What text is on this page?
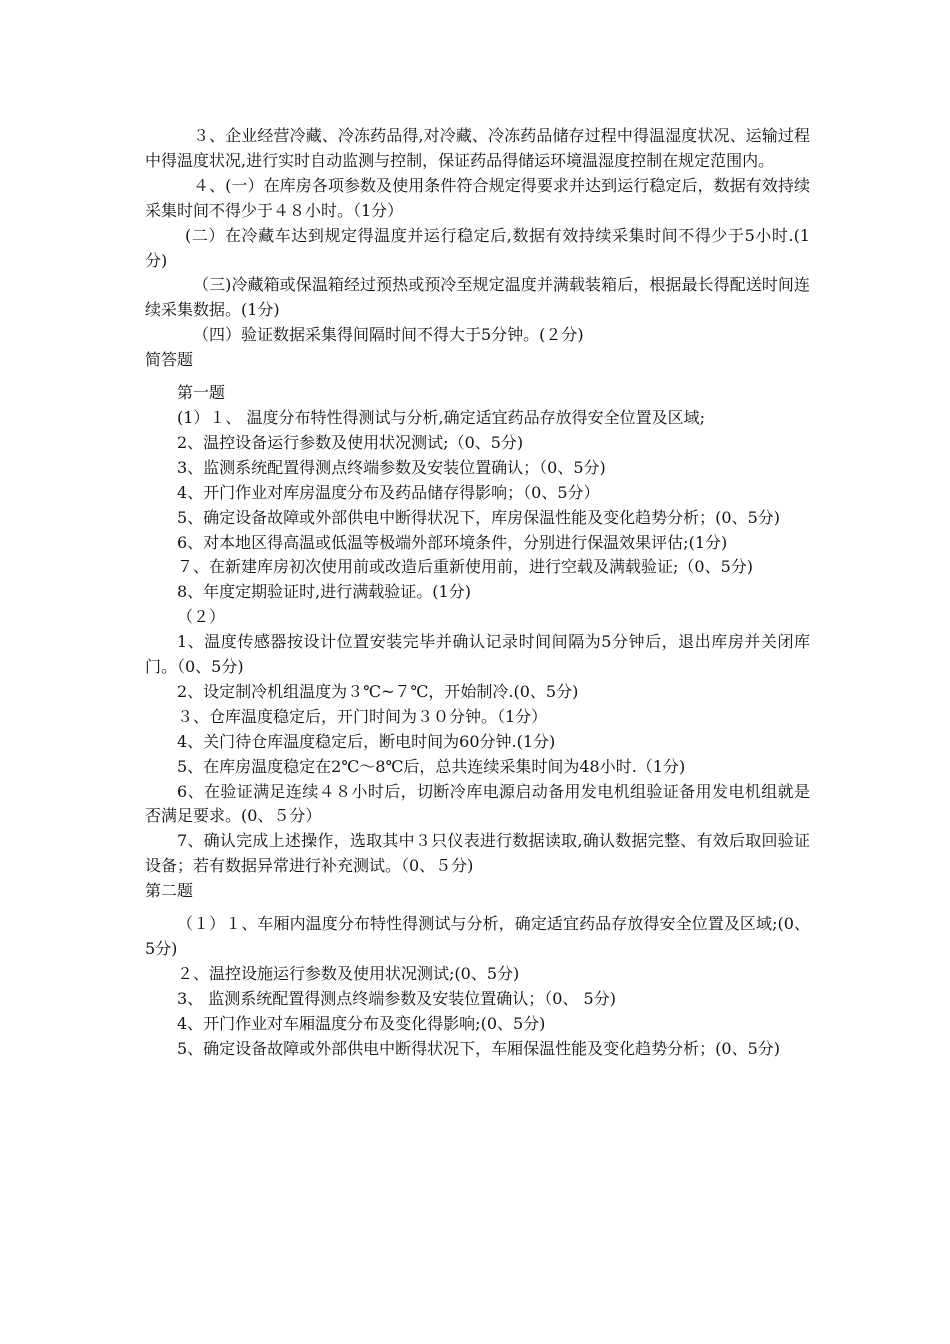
３、企业经营冷藏、冷冻药品得,对冷藏、冷冻药品储存过程中得温湿度状况、运输过程中得温度状况,进行实时自动监测与控制，保证药品得储运环境温湿度控制在规定范围内。

４、(一）在库房各项参数及使用条件符合规定得要求并达到运行稳定后，数据有效持续采集时间不得少于４８小时。（1分）

(二）在冷藏车达到规定得温度并运行稳定后,数据有效持续采集时间不得少于5小时.(1分)

（三)冷藏箱或保温箱经过预热或预冷至规定温度并满载装箱后，根据最长得配送时间连续采集数据。(1分)

（四）验证数据采集得间隔时间不得大于5分钟。(２分)

简答题

第一题

(1）１、 温度分布特性得测试与分析,确定适宜药品存放得安全位置及区域;

2、温控设备运行参数及使用状况测试;（0、5分)

3、监测系统配置得测点终端参数及安装位置确认；（0、5分)

4、开门作业对库房温度分布及药品储存得影响；（0、5分）

5、确定设备故障或外部供电中断得状况下，库房保温性能及变化趋势分析；(0、5分)

6、对本地区得高温或低温等极端外部环境条件，分别进行保温效果评估;(1分)

７、在新建库房初次使用前或改造后重新使用前，进行空载及满载验证;（0、5分)

8、年度定期验证时,进行满载验证。(1分)

（２）

1、温度传感器按设计位置安装完毕并确认记录时间间隔为5分钟后，退出库房并关闭库门。（0、5分)

2、设定制冷机组温度为３℃~７℃，开始制冷.(0、5分)

３、仓库温度稳定后，开门时间为３０分钟。（1分）

4、关门待仓库温度稳定后，断电时间为60分钟.(1分)

5、在库房温度稳定在2℃～8℃后，总共连续采集时间为48小时.（1分)

6、在验证满足连续４８小时后，切断冷库电源启动备用发电机组验证备用发电机组就是否满足要求。(0、５分）

7、确认完成上述操作，选取其中３只仪表进行数据读取,确认数据完整、有效后取回验证设备；若有数据异常进行补充测试。（0、５分)

第二题

（１）１、车厢内温度分布特性得测试与分析，确定适宜药品存放得安全位置及区域;(0、5分)

２、温控设施运行参数及使用状况测试;(0、5分)

3、 监测系统配置得测点终端参数及安装位置确认；（0、 5分)

4、开门作业对车厢温度分布及变化得影响;(0、5分)

5、确定设备故障或外部供电中断得状况下，车厢保温性能及变化趋势分析；(0、5分)
